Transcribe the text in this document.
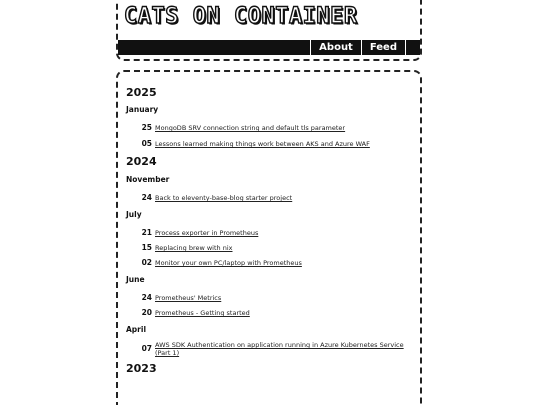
CATS ON CONTAINER
About	Feed
2025
January
25 MongoDB SRV connection string and default tls parameter
05 Lessons learned making things work between AKS and Azure WAF
2024
November
24 Back to eleventy-base-blog starter project
July
21 Process exporter in Prometheus
15 Replacing brew with nix
02 Monitor your own PC/laptop with Prometheus
June
24 Prometheus' Metrics
20 Prometheus - Getting started
April
07 AWS SDK Authentication on application running in Azure Kubernetes Service (Part 1)
2023
